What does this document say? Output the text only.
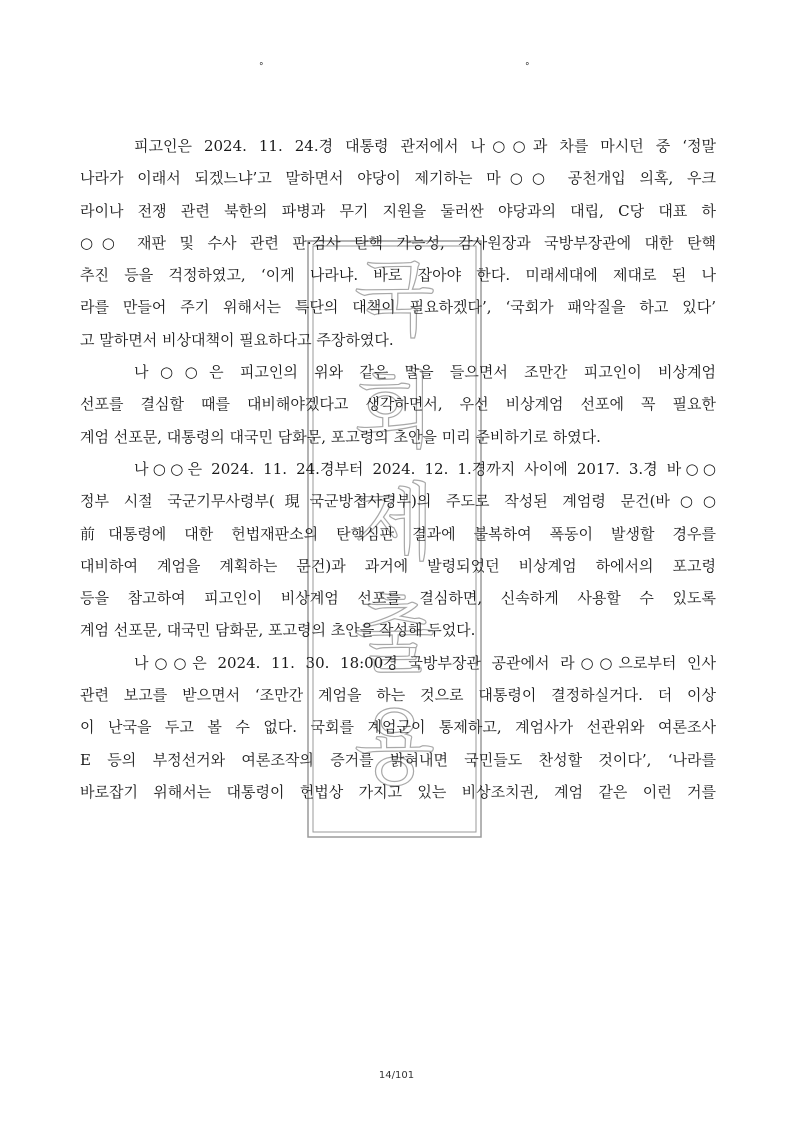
°	°
국
회
제
출
용
피고인은 2024. 11. 24.경 대통령 관저에서 나○○과 차를 마시던 중 ‘정말
나라가 이래서 되겠느냐’고 말하면서 야당이 제기하는 마○○ 공천개입 의혹, 우크
라이나 전쟁 관련 북한의 파병과 무기 지원을 둘러싼 야당과의 대립, C당 대표 하
○○ 재판 및 수사 관련 판·검사 탄핵 가능성, 감사원장과 국방부장관에 대한 탄핵
추진 등을 걱정하였고, ‘이게 나라냐. 바로 잡아야 한다. 미래세대에 제대로 된 나
라를 만들어 주기 위해서는 특단의 대책이 필요하겠다’, ‘국회가 패악질을 하고 있다’
고 말하면서 비상대책이 필요하다고 주장하였다.
나○○은 피고인의 위와 같은 말을 들으면서 조만간 피고인이 비상계엄
선포를 결심할 때를 대비해야겠다고 생각하면서, 우선 비상계엄 선포에 꼭 필요한
계엄 선포문, 대통령의 대국민 담화문, 포고령의 초안을 미리 준비하기로 하였다.
나○○은 2024. 11. 24.경부터 2024. 12. 1.경까지 사이에 2017. 3.경 바○○
정부 시절 국군기무사령부(現국군방첩사령부)의 주도로 작성된 계엄령 문건(바○○
前대통령에 대한 헌법재판소의 탄핵심판 결과에 불복하여 폭동이 발생할 경우를
대비하여 계엄을 계획하는 문건)과 과거에 발령되었던 비상계엄 하에서의 포고령
등을 참고하여 피고인이 비상계엄 선포를 결심하면, 신속하게 사용할 수 있도록
계엄 선포문, 대국민 담화문, 포고령의 초안을 작성해 두었다.
나○○은 2024. 11. 30. 18:00경 국방부장관 공관에서 라○○으로부터 인사
관련 보고를 받으면서 ‘조만간 계엄을 하는 것으로 대통령이 결정하실거다. 더 이상
이 난국을 두고 볼 수 없다. 국회를 계엄군이 통제하고, 계엄사가 선관위와 여론조사
E 등의 부정선거와 여론조작의 증거를 밝혀내면 국민들도 찬성할 것이다’, ‘나라를
바로잡기 위해서는 대통령이 헌법상 가지고 있는 비상조치권, 계엄 같은 이런 거를
14/101
